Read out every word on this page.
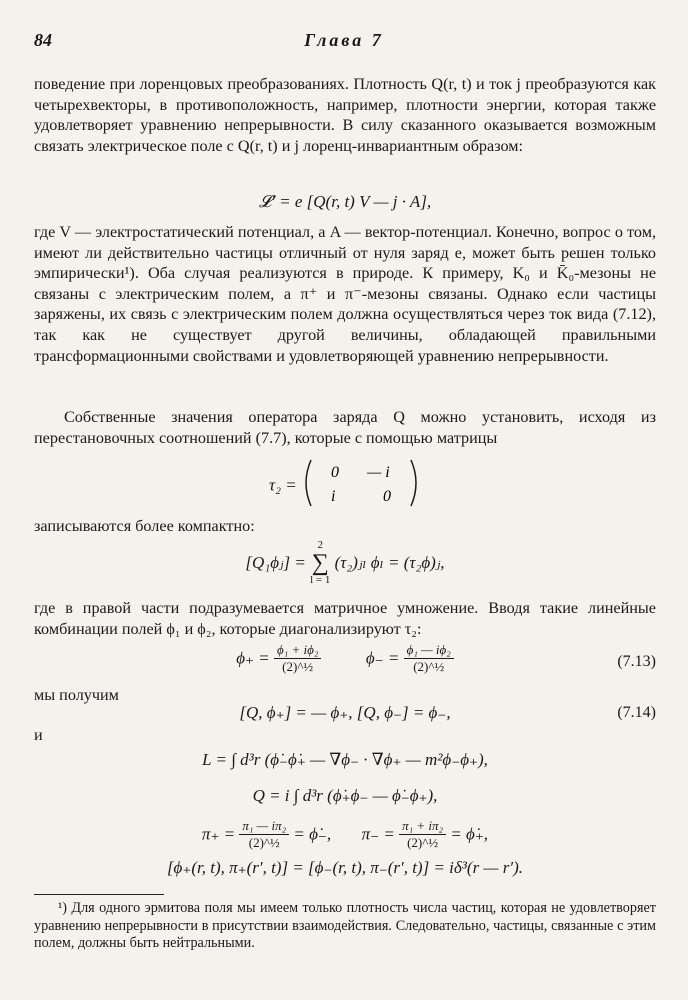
84	Глава 7
поведение при лоренцовых преобразованиях. Плотность Q(r, t) и ток j преобразуются как четырехвекторы, в противоположность, например, плотности энергии, которая также удовлетворяет уравнению непрерывности. В силу сказанного оказывается возможным связать электрическое поле с Q(r, t) и j лоренц-инвариантным образом:
𝓛′ = e [Q(r, t) V — j · A],
где V — электростатический потенциал, а A — вектор-потенциал. Конечно, вопрос о том, имеют ли действительно частицы отличный от нуля заряд e, может быть решен только эмпирически¹). Оба случая реализуются в природе. К примеру, K₀ и K̄₀-мезоны не связаны с электрическим полем, а π⁺ и π⁻-мезоны связаны. Однако если частицы заряжены, их связь с электрическим полем должна осуществляться через ток вида (7.12), так как не существует другой величины, обладающей правильными трансформационными свойствами и удовлетворяющей уравнению непрерывности.
Собственные значения оператора заряда Q можно установить, исходя из перестановочных соотношений (7.7), которые с помощью матрицы
τ₂ =
0 — i
i	0
записываются более компактно:
[Q₁ϕⱼ] =
2
∑
l = 1
(τ₂)ⱼₗ ϕₗ = (τ₂ϕ)ⱼ,
где в правой части подразумевается матричное умножение. Вводя такие линейные комбинации полей ϕ₁ и ϕ₂, которые диагонализируют τ₂:
$\phi_+ = \frac{\text{ϕ₁ + iϕ₂}}{\text{(2)\textasciicircum{}½}}$	$\phi_- = \frac{\text{ϕ₁ — iϕ₂}}{\text{(2)\textasciicircum{}½}}$	(7.13)
мы получим
[Q, ϕ₊] = — ϕ₊, [Q, ϕ₋] = ϕ₋,	(7.14)
и
L = ∫ d³r (ϕ̇₋ϕ̇₊ — ∇ϕ₋ · ∇ϕ₊ — m²ϕ₋ϕ₊),
Q = i ∫ d³r (ϕ̇₊ϕ₋ — ϕ̇₋ϕ₊),
$\pi_+ = \frac{\text{π₁ — iπ₂}}{\text{(2)\textasciicircum{}½}}$ = ϕ̇₋, $\pi_- = \frac{\text{π₁ + iπ₂}}{\text{(2)\textasciicircum{}½}}$ = ϕ̇₊,
[ϕ₊(r, t), π₊(r′, t)] = [ϕ₋(r, t), π₋(r′, t)] = iδ³(r — r′).
¹) Для одного эрмитова поля мы имеем только плотность числа частиц, которая не удовлетворяет уравнению непрерывности в присутствии взаимодействия. Следовательно, частицы, связанные с этим полем, должны быть нейтральными.
